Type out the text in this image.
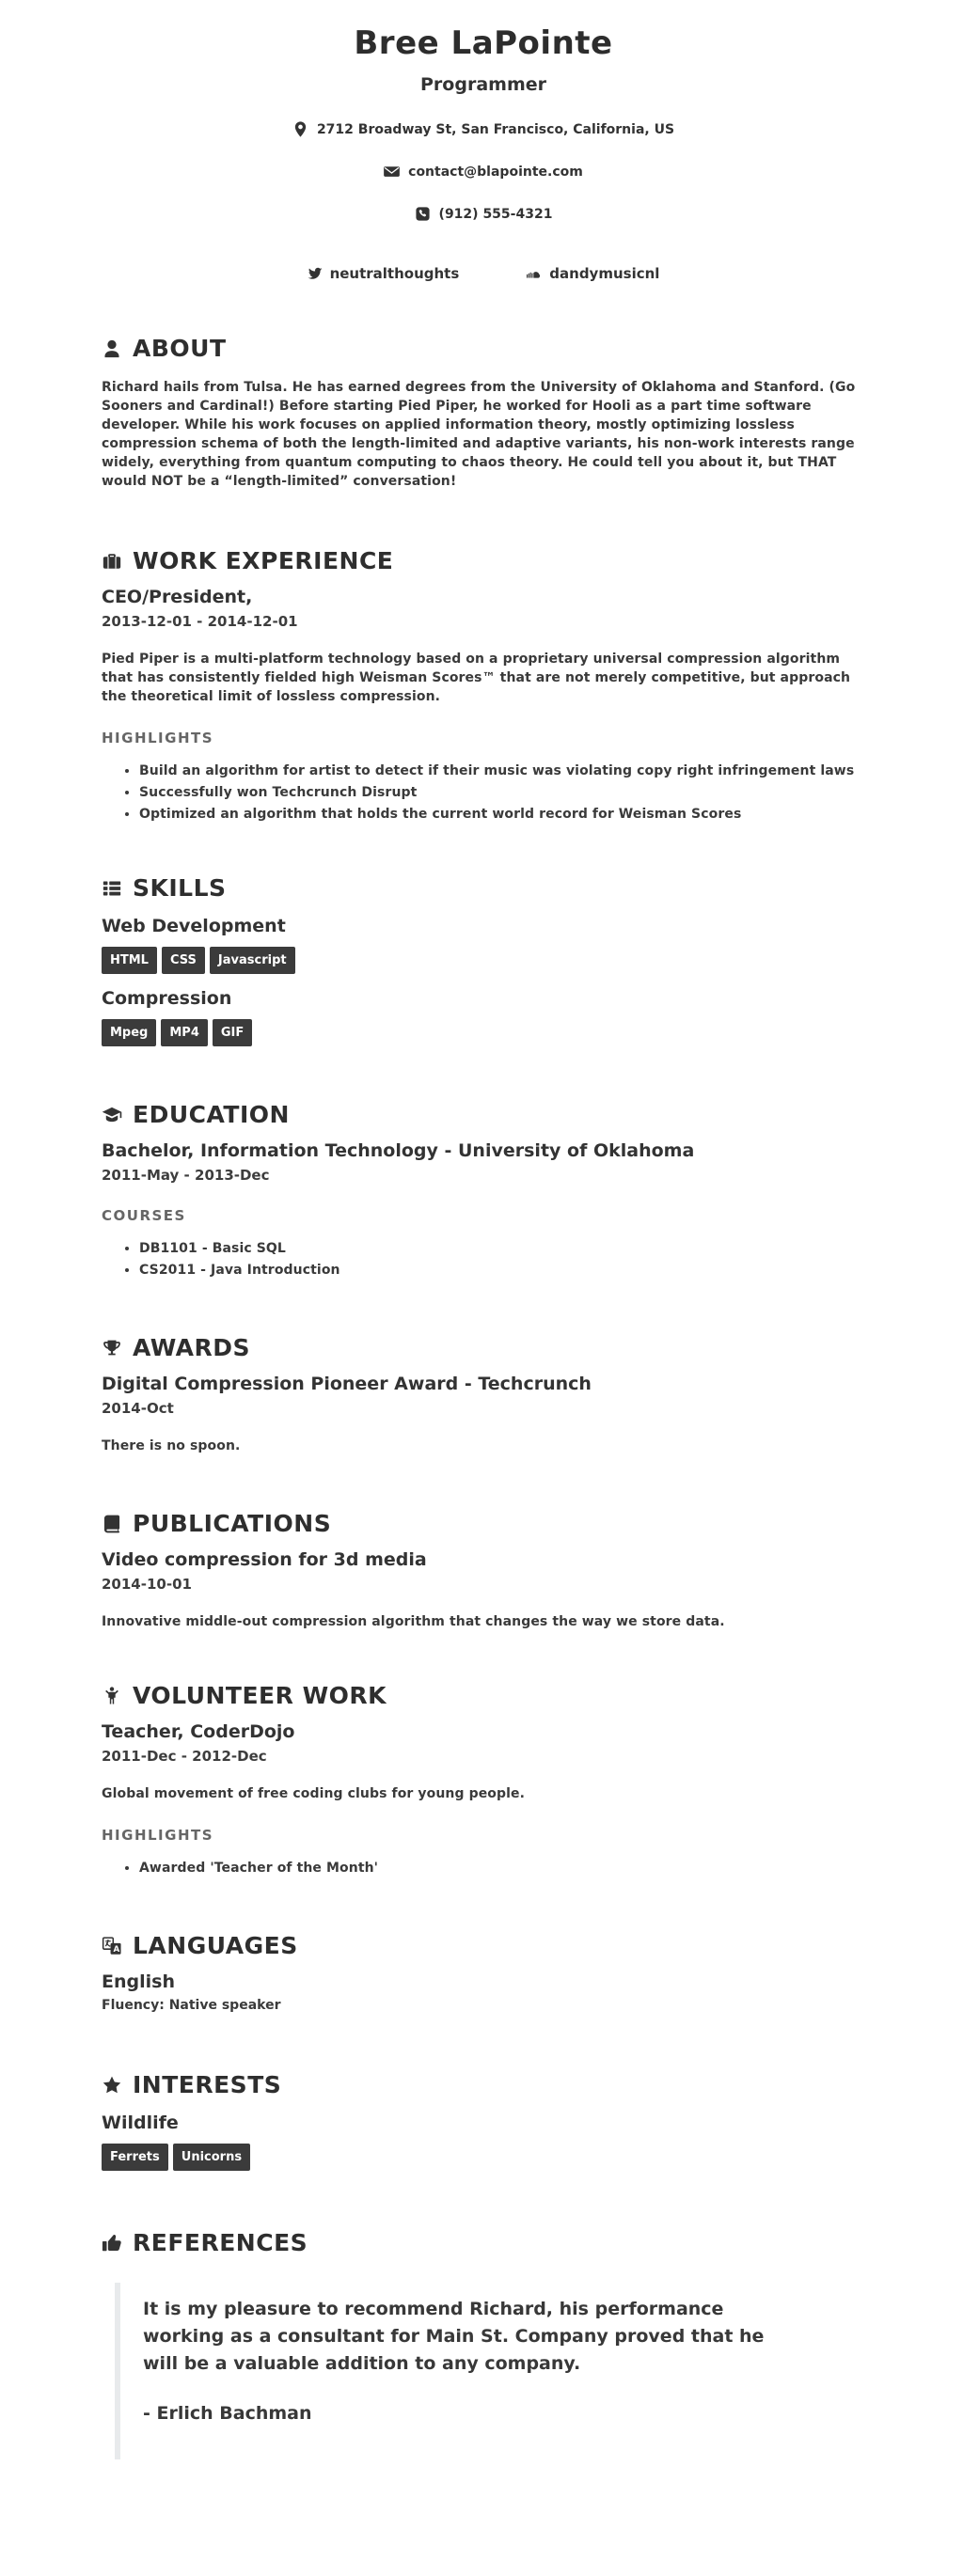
Bree LaPointe
Programmer
2712 Broadway St, San Francisco, California, US
contact@blapointe.com
(912) 555-4321
neutralthoughts	dandymusicnl
ABOUT

Richard hails from Tulsa. He has earned degrees from the University of Oklahoma and Stanford. (Go Sooners and Cardinal!) Before starting Pied Piper, he worked for Hooli as a part time software developer. While his work focuses on applied information theory, mostly optimizing lossless compression schema of both the length-limited and adaptive variants, his non-work interests range widely, everything from quantum computing to chaos theory. He could tell you about it, but THAT would NOT be a “length-limited” conversation!

WORK EXPERIENCE
CEO/President,
2013-12-01 - 2014-12-01

Pied Piper is a multi-platform technology based on a proprietary universal compression algorithm that has consistently fielded high Weisman Scores™ that are not merely competitive, but approach the theoretical limit of lossless compression.

HIGHLIGHTS
• Build an algorithm for artist to detect if their music was violating copy right infringement laws
• Successfully won Techcrunch Disrupt
• Optimized an algorithm that holds the current world record for Weisman Scores
SKILLS
Web Development
HTML	CSS	Javascript
Compression
Mpeg	MP4	GIF
EDUCATION
Bachelor, Information Technology - University of Oklahoma
2011-May - 2013-Dec
COURSES
• DB1101 - Basic SQL
• CS2011 - Java Introduction
AWARDS
Digital Compression Pioneer Award - Techcrunch
2014-Oct

There is no spoon.

PUBLICATIONS
Video compression for 3d media
2014-10-01

Innovative middle-out compression algorithm that changes the way we store data.

VOLUNTEER WORK
Teacher, CoderDojo
2011-Dec - 2012-Dec

Global movement of free coding clubs for young people.

HIGHLIGHTS
• Awarded 'Teacher of the Month'
A LANGUAGES
English
Fluency: Native speaker
INTERESTS
Wildlife
Ferrets	Unicorns
REFERENCES

It is my pleasure to recommend Richard, his performance working as a consultant for Main St. Company proved that he will be a valuable addition to any company.

- Erlich Bachman
